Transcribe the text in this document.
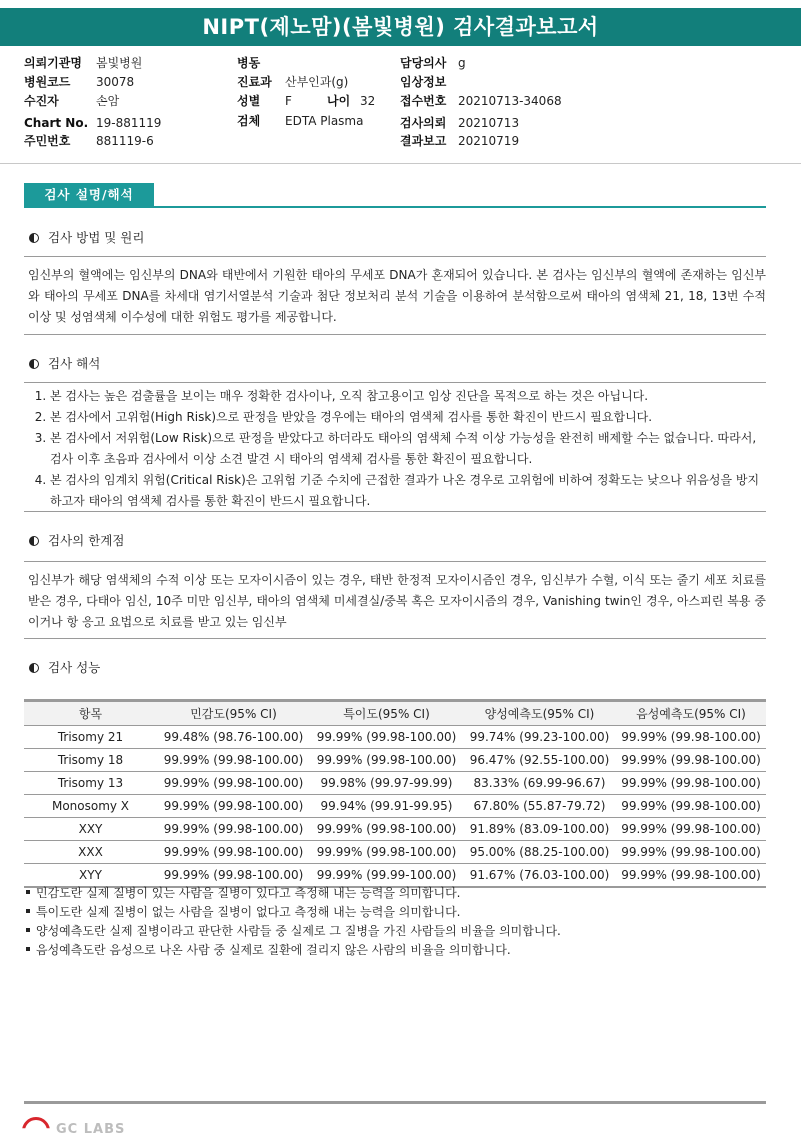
NIPT(제노맘)(봄빛병원) 검사결과보고서
의뢰기관명 봄빛병원
병원코드 30078
수진자	손암
Chart No. 19-881119
주민번호 881119-6
병동
진료과 산부인과(g)
성별 F	나이 32
검체 EDTA Plasma
담당의사 g
임상정보
접수번호 20210713-34068
검사의뢰 20210713
결과보고 20210719
검사 설명/해석
검사 방법 및 원리
임신부의 혈액에는 임신부의 DNA와 태반에서 기원한 태아의 무세포 DNA가 혼재되어 있습니다. 본 검사는 임신부의 혈액에 존재하는 임신부와 태아의 무세포 DNA를 차세대 염기서열분석 기술과 첨단 정보처리 분석 기술을 이용하여 분석함으로써 태아의 염색체 21, 18, 13번 수적 이상 및 성염색체 이수성에 대한 위험도 평가를 제공합니다.
검사 해석
1. 본 검사는 높은 검출률을 보이는 매우 정확한 검사이나, 오직 참고용이고 임상 진단을 목적으로 하는 것은 아닙니다.
2. 본 검사에서 고위험(High Risk)으로 판정을 받았을 경우에는 태아의 염색체 검사를 통한 확진이 반드시 필요합니다.
3. 본 검사에서 저위험(Low Risk)으로 판정을 받았다고 하더라도 태아의 염색체 수적 이상 가능성을 완전히 배제할 수는 없습니다. 따라서, 검사 이후 초음파 검사에서 이상 소견 발견 시 태아의 염색체 검사를 통한 확진이 필요합니다.
4. 본 검사의 임계치 위험(Critical Risk)은 고위험 기준 수치에 근접한 결과가 나온 경우로 고위험에 비하여 정확도는 낮으나 위음성을 방지하고자 태아의 염색체 검사를 통한 확진이 반드시 필요합니다.
검사의 한계점
임신부가 해당 염색체의 수적 이상 또는 모자이시즘이 있는 경우, 태반 한정적 모자이시즘인 경우, 임신부가 수혈, 이식 또는 줄기 세포 치료를 받은 경우, 다태아 임신, 10주 미만 임신부, 태아의 염색체 미세결실/중복 혹은 모자이시즘의 경우, Vanishing twin인 경우, 아스피린 복용 중이거나 항 응고 요법으로 치료를 받고 있는 임신부
검사 성능
항목	민감도(95% CI)	특이도(95% CI)	양성예측도(95% CI)	음성예측도(95% CI)
Trisomy 21	99.48% (98.76-100.00)	99.99% (99.98-100.00)	99.74% (99.23-100.00)	99.99% (99.98-100.00)
Trisomy 18	99.99% (99.98-100.00)	99.99% (99.98-100.00)	96.47% (92.55-100.00)	99.99% (99.98-100.00)
Trisomy 13	99.99% (99.98-100.00)	99.98% (99.97-99.99)	83.33% (69.99-96.67)	99.99% (99.98-100.00)
Monosomy X	99.99% (99.98-100.00)	99.94% (99.91-99.95)	67.80% (55.87-79.72)	99.99% (99.98-100.00)
XXY	99.99% (99.98-100.00)	99.99% (99.98-100.00)	91.89% (83.09-100.00)	99.99% (99.98-100.00)
XXX	99.99% (99.98-100.00)	99.99% (99.98-100.00)	95.00% (88.25-100.00)	99.99% (99.98-100.00)
XYY	99.99% (99.98-100.00)	99.99% (99.99-100.00)	91.67% (76.03-100.00)	99.99% (99.98-100.00)
민감도란 실제 질병이 있는 사람을 질병이 있다고 측정해 내는 능력을 의미합니다.
특이도란 실제 질병이 없는 사람을 질병이 없다고 측정해 내는 능력을 의미합니다.
양성예측도란 실제 질병이라고 판단한 사람들 중 실제로 그 질병을 가진 사람들의 비율을 의미합니다.
음성예측도란 음성으로 나온 사람 중 실제로 질환에 걸리지 않은 사람의 비율을 의미합니다.
GC LABS
